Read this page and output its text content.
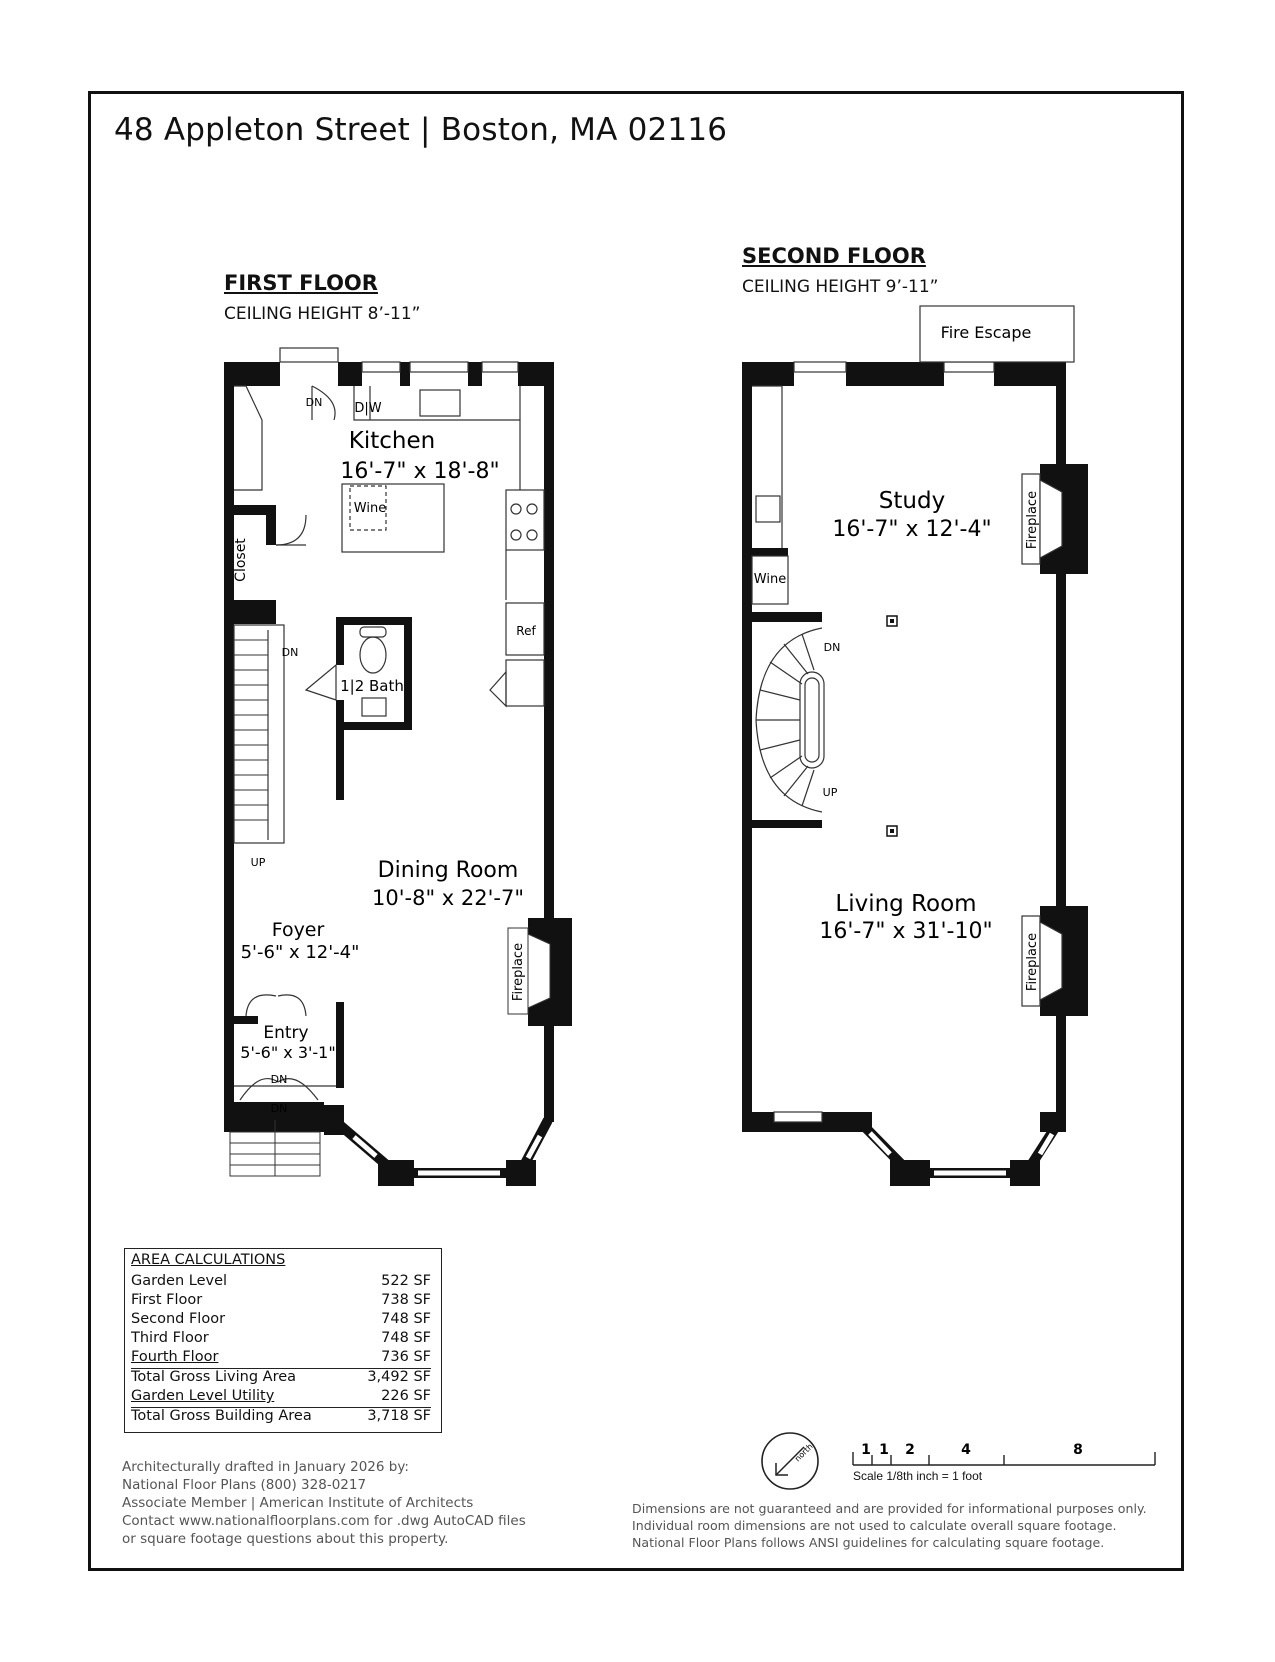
48 Appleton Street | Boston, MA 02116
FIRST FLOOR
CEILING HEIGHT 8’-11”
SECOND FLOOR
CEILING HEIGHT 9’-11”
Kitchen
16'-7" x 18'-8"
D|W
Wine
Ref
Closet
1|2 Bath
DN
DN
UP	Dining Room
10'-8" x 22'-7"
Foyer
5'-6" x 12'-4"
Entry
5'-6" x 3'-1"
DN
DN
Fireplace
Fire Escape
Study
16'-7" x 12'-4"
Wine
DN
UP
Living Room
16'-7" x 31'-10"
Fireplace
Fireplace
north	1 1 2	4	8
Scale 1/8th inch = 1 foot
AREA CALCULATIONS
Garden Level	522 SF
First Floor	738 SF
Second Floor	748 SF
Third Floor	748 SF
Fourth Floor	736 SF
Total Gross Living Area	3,492 SF
Garden Level Utility	226 SF
Total Gross Building Area	3,718 SF
Architecturally drafted in January 2026 by:
National Floor Plans (800) 328-0217
Associate Member | American Institute of Architects
Contact www.nationalfloorplans.com for .dwg AutoCAD files
or square footage questions about this property.
Dimensions are not guaranteed and are provided for informational purposes only.
Individual room dimensions are not used to calculate overall square footage.
National Floor Plans follows ANSI guidelines for calculating square footage.
